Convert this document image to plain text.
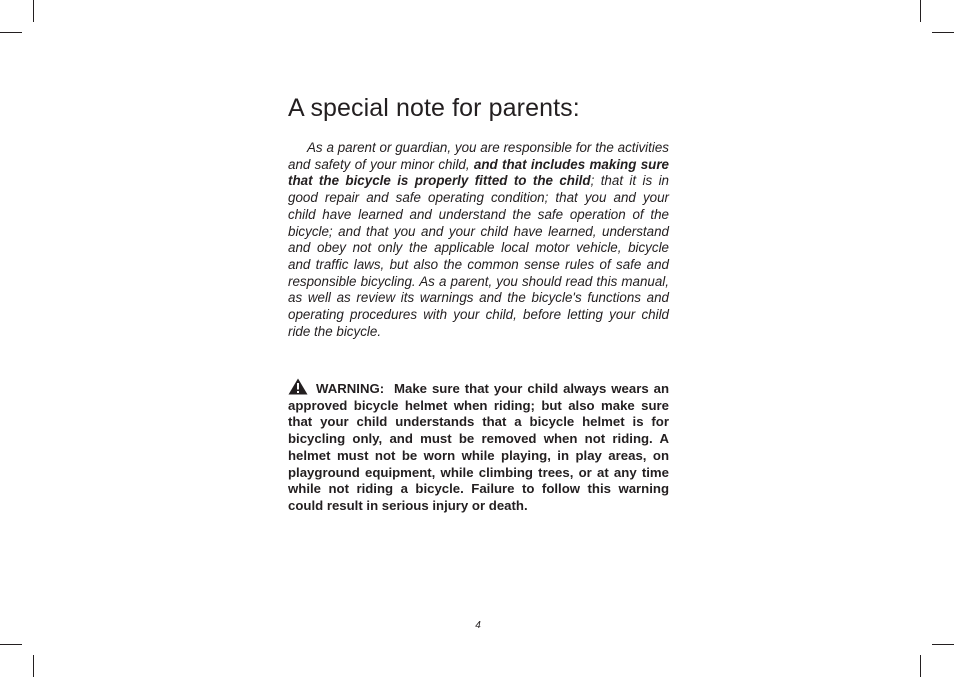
A special note for parents:

As a parent or guardian, you are responsible for the activities and safety of your minor child, and that includes making sure that the bicycle is properly fitted to the child; that it is in good repair and safe operating condition; that you and your child have learned and understand the safe operation of the bicycle; and that you and your child have learned, understand and obey not only the applicable local motor vehicle, bicycle and traffic laws, but also the common sense rules of safe and responsible bicycling. As a parent, you should read this manual, as well as review its warnings and the bicycle's functions and operating procedures with your child, before letting your child ride the bicycle.

WARNING: Make sure that your child always wears an approved bicycle helmet when riding; but also make sure that your child understands that a bicycle helmet is for bicycling only, and must be removed when not riding. A helmet must not be worn while playing, in play areas, on playground equipment, while climbing trees, or at any time while not riding a bicycle. Failure to follow this warning could result in serious injury or death.

4
